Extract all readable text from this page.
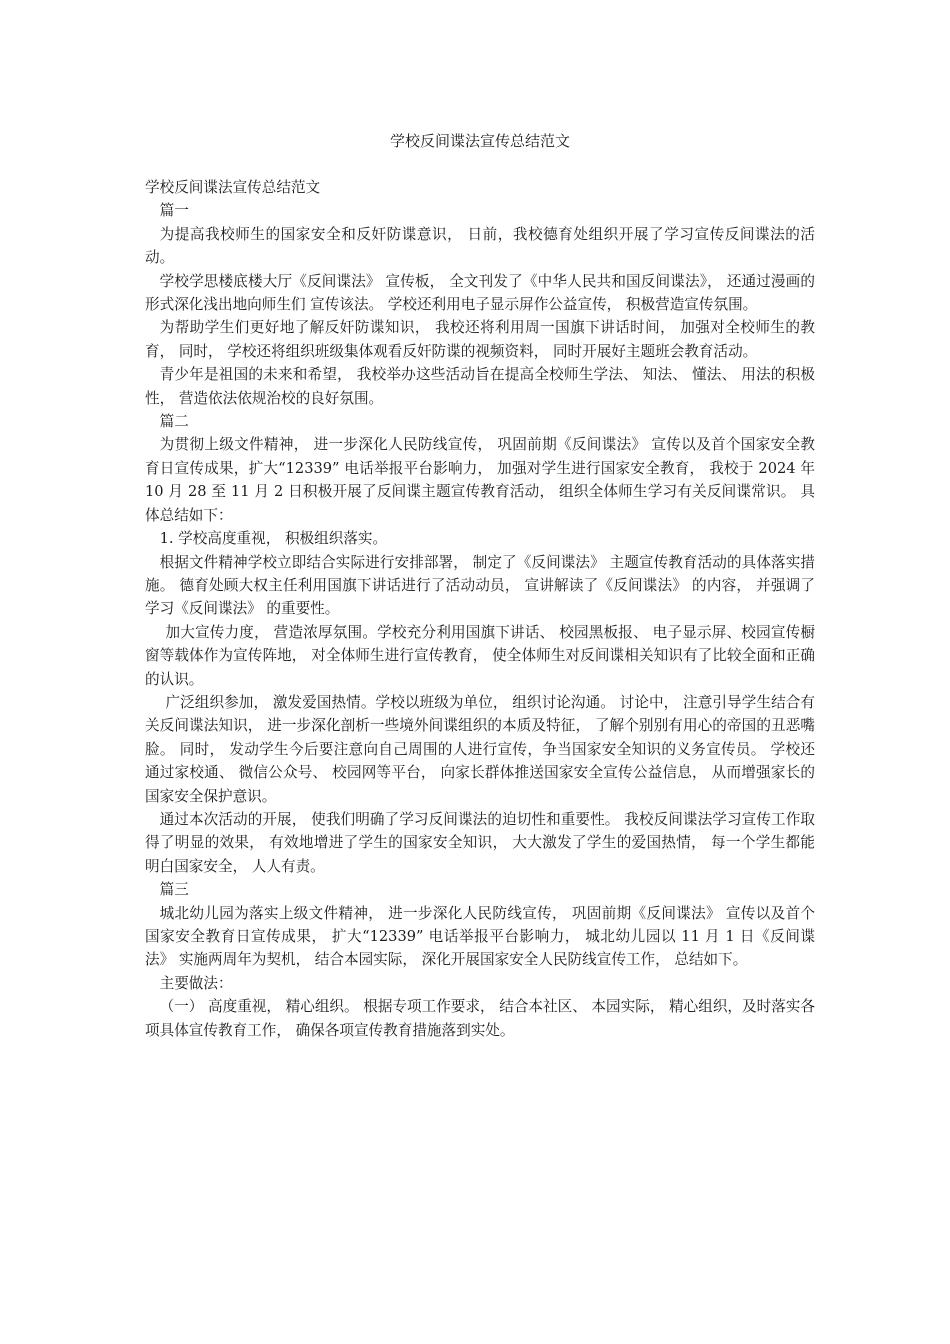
学校反间谍法宣传总结范文

学校反间谍法宣传总结范文

篇一

为提高我校师生的国家安全和反奸防谍意识， 日前，我校德育处组织开展了学习宣传反间谍法的活动。

学校学思楼底楼大厅《反间谍法》 宣传板， 全文刊发了《中华人民共和国反间谍法》， 还通过漫画的形式深化浅出地向师生们 宣传该法。 学校还利用电子显示屏作公益宣传， 积极营造宣传氛围。

为帮助学生们更好地了解反奸防谍知识， 我校还将利用周一国旗下讲话时间， 加强对全校师生的教育， 同时， 学校还将组织班级集体观看反奸防谍的视频资料， 同时开展好主题班会教育活动。

青少年是祖国的未来和希望， 我校举办这些活动旨在提高全校师生学法、 知法、 懂法、 用法的积极性， 营造依法依规治校的良好氛围。

篇二

为贯彻上级文件精神， 进一步深化人民防线宣传， 巩固前期《反间谍法》 宣传以及首个国家安全教育日宣传成果，扩大“12339” 电话举报平台影响力， 加强对学生进行国家安全教育， 我校于 2024 年 10 月 28 至 11 月 2 日积极开展了反间谍主题宣传教育活动， 组织全体师生学习有关反间谍常识。 具体总结如下：

1. 学校高度重视， 积极组织落实。

根据文件精神学校立即结合实际进行安排部署， 制定了《反间谍法》 主题宣传教育活动的具体落实措施。 德育处顾大权主任利用国旗下讲话进行了活动动员， 宣讲解读了《反间谍法》 的内容， 并强调了学习《反间谍法》 的重要性。

加大宣传力度， 营造浓厚氛围。学校充分利用国旗下讲话、 校园黑板报、 电子显示屏、校园宣传橱窗等载体作为宣传阵地， 对全体师生进行宣传教育， 使全体师生对反间谍相关知识有了比较全面和正确的认识。

广泛组织参加， 激发爱国热情。学校以班级为单位， 组织讨论沟通。 讨论中， 注意引导学生结合有关反间谍法知识， 进一步深化剖析一些境外间谍组织的本质及特征， 了解个别别有用心的帝国的丑恶嘴脸。 同时， 发动学生今后要注意向自己周围的人进行宣传，争当国家安全知识的义务宣传员。 学校还通过家校通、 微信公众号、 校园网等平台， 向家长群体推送国家安全宣传公益信息， 从而增强家长的国家安全保护意识。

通过本次活动的开展， 使我们明确了学习反间谍法的迫切性和重要性。 我校反间谍法学习宣传工作取得了明显的效果， 有效地增进了学生的国家安全知识， 大大激发了学生的爱国热情， 每一个学生都能明白国家安全， 人人有责。

篇三

城北幼儿园为落实上级文件精神， 进一步深化人民防线宣传， 巩固前期《反间谍法》 宣传以及首个国家安全教育日宣传成果， 扩大“12339” 电话举报平台影响力， 城北幼儿园以 11 月 1 日《反间谍法》 实施两周年为契机， 结合本园实际， 深化开展国家安全人民防线宣传工作， 总结如下。

主要做法：

（一） 高度重视， 精心组织。 根据专项工作要求， 结合本社区、 本园实际， 精心组织，及时落实各项具体宣传教育工作， 确保各项宣传教育措施落到实处。
